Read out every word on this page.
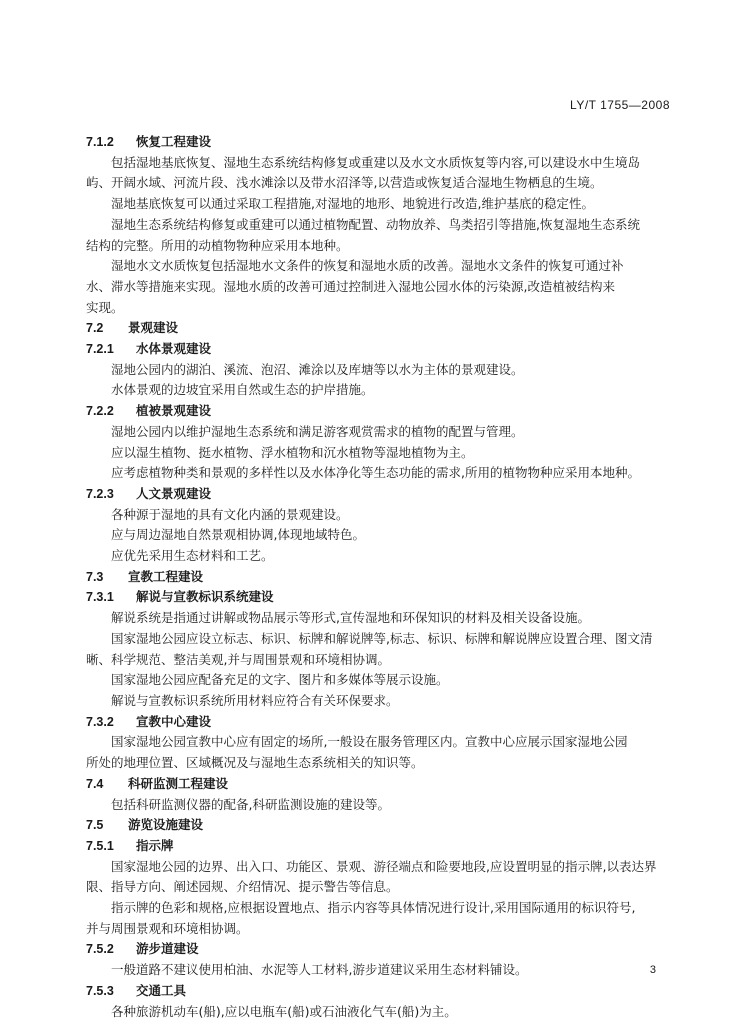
LY/T 1755—2008
7.1.2	恢复工程建设
包括湿地基底恢复、湿地生态系统结构修复或重建以及水文水质恢复等内容,可以建设水中生境岛
屿、开阔水域、河流片段、浅水滩涂以及带水沼泽等,以营造或恢复适合湿地生物栖息的生境。
湿地基底恢复可以通过采取工程措施,对湿地的地形、地貌进行改造,维护基底的稳定性。
湿地生态系统结构修复或重建可以通过植物配置、动物放养、鸟类招引等措施,恢复湿地生态系统
结构的完整。所用的动植物物种应采用本地种。
湿地水文水质恢复包括湿地水文条件的恢复和湿地水质的改善。湿地水文条件的恢复可通过补
水、滞水等措施来实现。湿地水质的改善可通过控制进入湿地公园水体的污染源,改造植被结构来
实现。
7.2	景观建设
7.2.1	水体景观建设
湿地公园内的湖泊、溪流、泡沼、滩涂以及库塘等以水为主体的景观建设。
水体景观的边坡宜采用自然或生态的护岸措施。
7.2.2	植被景观建设
湿地公园内以维护湿地生态系统和满足游客观赏需求的植物的配置与管理。
应以湿生植物、挺水植物、浮水植物和沉水植物等湿地植物为主。
应考虑植物种类和景观的多样性以及水体净化等生态功能的需求,所用的植物物种应采用本地种。
7.2.3	人文景观建设
各种源于湿地的具有文化内涵的景观建设。
应与周边湿地自然景观相协调,体现地域特色。
应优先采用生态材料和工艺。
7.3	宣教工程建设
7.3.1	解说与宣教标识系统建设
解说系统是指通过讲解或物品展示等形式,宣传湿地和环保知识的材料及相关设备设施。
国家湿地公园应设立标志、标识、标牌和解说牌等,标志、标识、标牌和解说牌应设置合理、图文清
晰、科学规范、整洁美观,并与周围景观和环境相协调。
国家湿地公园应配备充足的文字、图片和多媒体等展示设施。
解说与宣教标识系统所用材料应符合有关环保要求。
7.3.2	宣教中心建设
国家湿地公园宣教中心应有固定的场所,一般设在服务管理区内。宣教中心应展示国家湿地公园
所处的地理位置、区域概况及与湿地生态系统相关的知识等。
7.4	科研监测工程建设
包括科研监测仪器的配备,科研监测设施的建设等。
7.5	游览设施建设
7.5.1	指示牌
国家湿地公园的边界、出入口、功能区、景观、游径端点和险要地段,应设置明显的指示牌,以表达界
限、指导方向、阐述园规、介绍情况、提示警告等信息。
指示牌的色彩和规格,应根据设置地点、指示内容等具体情况进行设计,采用国际通用的标识符号,
并与周围景观和环境相协调。
7.5.2	游步道建设
一般道路不建议使用柏油、水泥等人工材料,游步道建议采用生态材料铺设。
7.5.3	交通工具
各种旅游机动车(船),应以电瓶车(船)或石油液化气车(船)为主。
3
